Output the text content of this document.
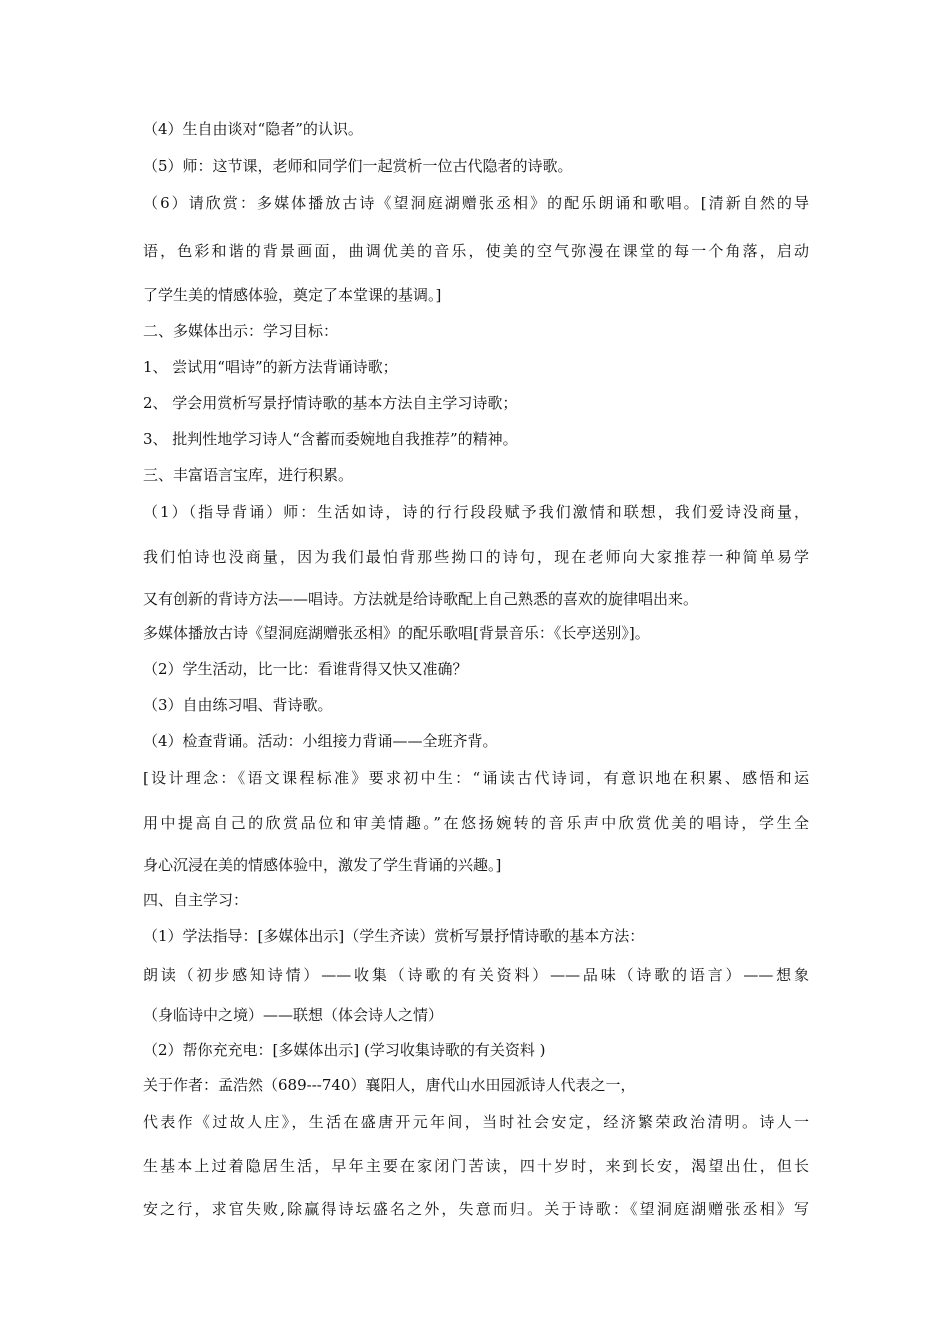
（4）生自由谈对“隐者”的认识。
（5）师：这节课，老师和同学们一起赏析一位古代隐者的诗歌。
（6）请欣赏：多媒体播放古诗《望洞庭湖赠张丞相》的配乐朗诵和歌唱。[清新自然的导
语，色彩和谐的背景画面，曲调优美的音乐，使美的空气弥漫在课堂的每一个角落，启动
了学生美的情感体验，奠定了本堂课的基调。]
二、多媒体出示：学习目标：
1、 尝试用“唱诗”的新方法背诵诗歌；
2、 学会用赏析写景抒情诗歌的基本方法自主学习诗歌；
3、 批判性地学习诗人“含蓄而委婉地自我推荐”的精神。
三、丰富语言宝库，进行积累。
（1）（指导背诵）师：生活如诗，诗的行行段段赋予我们激情和联想，我们爱诗没商量，
我们怕诗也没商量，因为我们最怕背那些拗口的诗句，现在老师向大家推荐一种简单易学
又有创新的背诗方法——唱诗。方法就是给诗歌配上自己熟悉的喜欢的旋律唱出来。
多媒体播放古诗《望洞庭湖赠张丞相》的配乐歌唱[背景音乐：《长亭送别》]。
（2）学生活动，比一比：看谁背得又快又准确？
（3）自由练习唱、背诗歌。
（4）检查背诵。活动：小组接力背诵——全班齐背。
[设计理念：《语文课程标准》要求初中生：“诵读古代诗词，有意识地在积累、感悟和运
用中提高自己的欣赏品位和审美情趣。”在悠扬婉转的音乐声中欣赏优美的唱诗，学生全
身心沉浸在美的情感体验中，激发了学生背诵的兴趣。]
四、自主学习：
（1）学法指导：[多媒体出示]（学生齐读）赏析写景抒情诗歌的基本方法：
朗读（初步感知诗情）——收集（诗歌的有关资料）——品味（诗歌的语言）——想象
（身临诗中之境）——联想（体会诗人之情）
（2）帮你充充电：[多媒体出示] (学习收集诗歌的有关资料 )
关于作者：孟浩然（689---740）襄阳人，唐代山水田园派诗人代表之一，
代表作《过故人庄》，生活在盛唐开元年间，当时社会安定，经济繁荣政治清明。诗人一
生基本上过着隐居生活，早年主要在家闭门苦读，四十岁时，来到长安，渴望出仕，但长
安之行，求官失败,除赢得诗坛盛名之外，失意而归。关于诗歌：《望洞庭湖赠张丞相》写
